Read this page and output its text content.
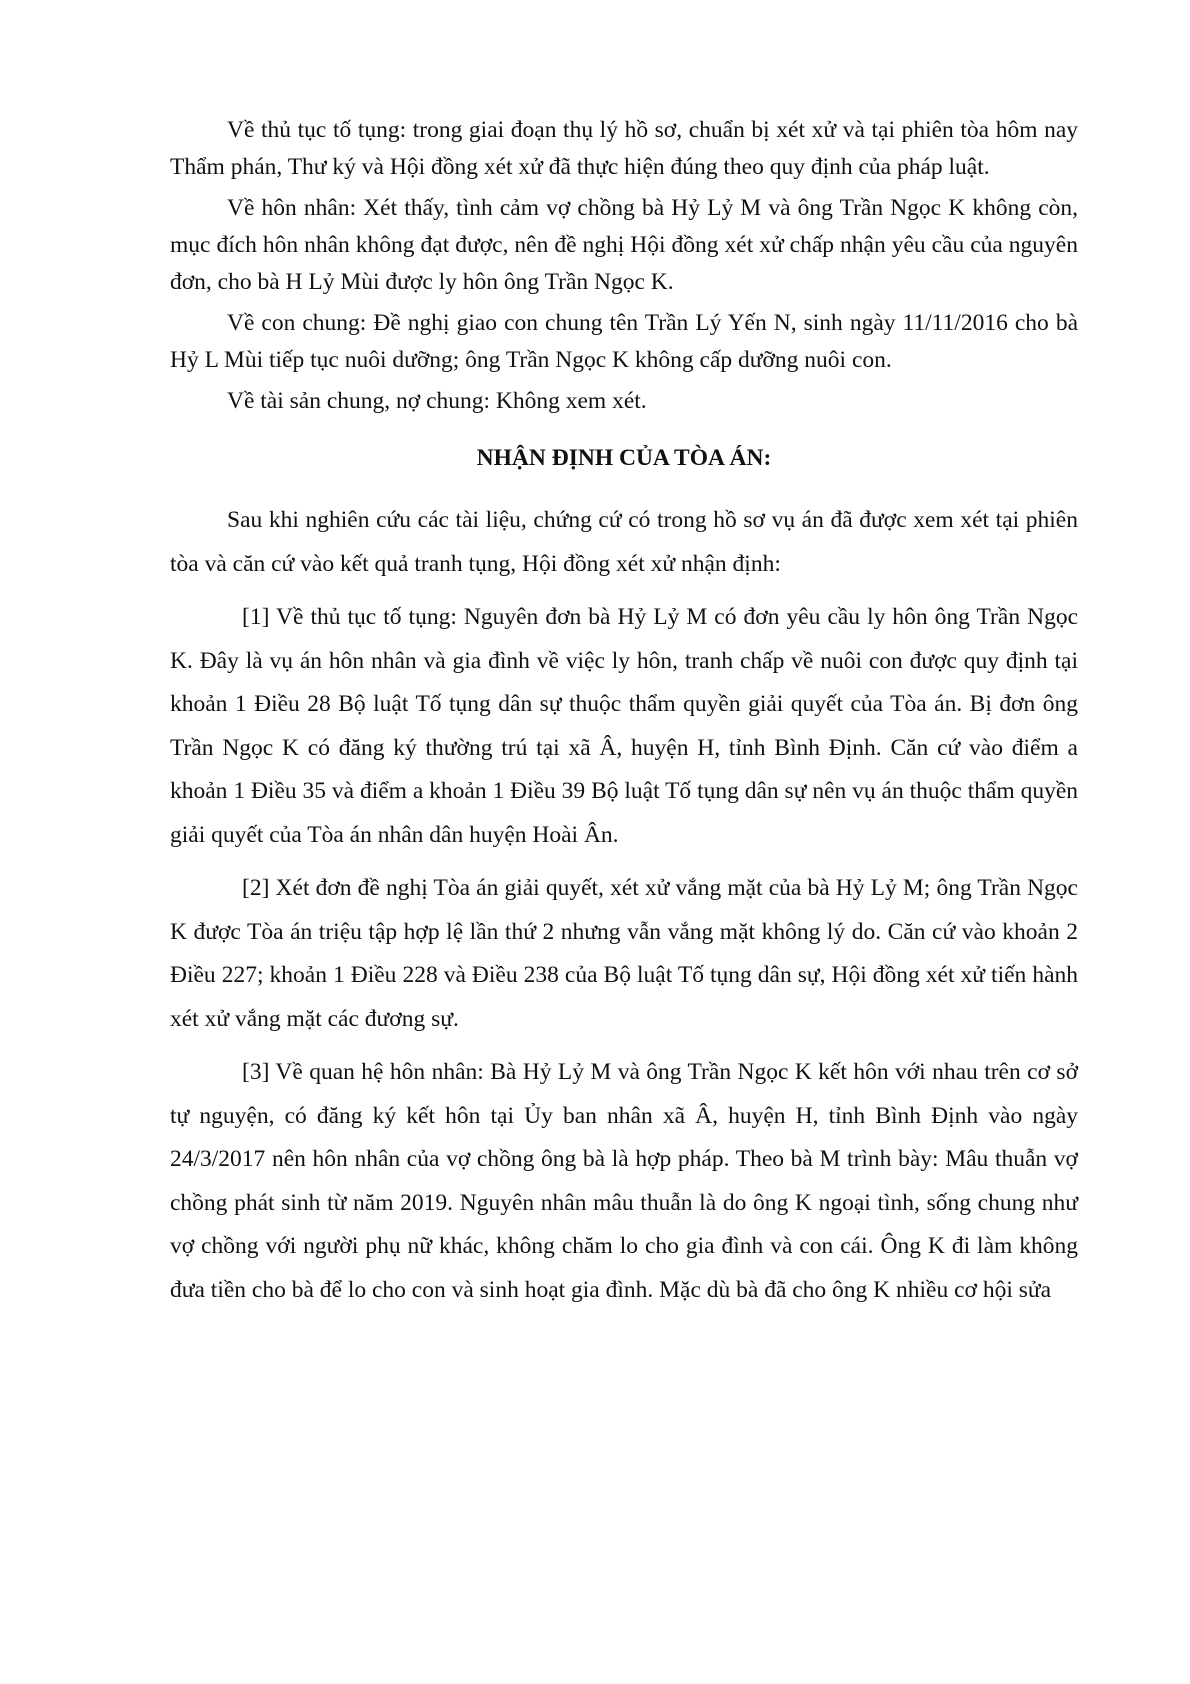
Về thủ tục tố tụng: trong giai đoạn thụ lý hồ sơ, chuẩn bị xét xử và tại phiên tòa hôm nay Thẩm phán, Thư ký và Hội đồng xét xử đã thực hiện đúng theo quy định của pháp luật.

Về hôn nhân: Xét thấy, tình cảm vợ chồng bà Hỷ Lỷ M và ông Trần Ngọc K không còn, mục đích hôn nhân không đạt được, nên đề nghị Hội đồng xét xử chấp nhận yêu cầu của nguyên đơn, cho bà H Lỷ Mùi được ly hôn ông Trần Ngọc K.

Về con chung: Đề nghị giao con chung tên Trần Lý Yến N, sinh ngày 11/11/2016 cho bà Hỷ L Mùi tiếp tục nuôi dưỡng; ông Trần Ngọc K không cấp dưỡng nuôi con.

Về tài sản chung, nợ chung: Không xem xét.

NHẬN ĐỊNH CỦA TÒA ÁN:

Sau khi nghiên cứu các tài liệu, chứng cứ có trong hồ sơ vụ án đã được xem xét tại phiên tòa và căn cứ vào kết quả tranh tụng, Hội đồng xét xử nhận định:

[1] Về thủ tục tố tụng: Nguyên đơn bà Hỷ Lỷ M có đơn yêu cầu ly hôn ông Trần Ngọc K. Đây là vụ án hôn nhân và gia đình về việc ly hôn, tranh chấp về nuôi con được quy định tại khoản 1 Điều 28 Bộ luật Tố tụng dân sự thuộc thẩm quyền giải quyết của Tòa án. Bị đơn ông Trần Ngọc K có đăng ký thường trú tại xã Â, huyện H, tỉnh Bình Định. Căn cứ vào điểm a khoản 1 Điều 35 và điểm a khoản 1 Điều 39 Bộ luật Tố tụng dân sự nên vụ án thuộc thẩm quyền giải quyết của Tòa án nhân dân huyện Hoài Ân.

[2] Xét đơn đề nghị Tòa án giải quyết, xét xử vắng mặt của bà Hỷ Lỷ M; ông Trần Ngọc K được Tòa án triệu tập hợp lệ lần thứ 2 nhưng vẫn vắng mặt không lý do. Căn cứ vào khoản 2 Điều 227; khoản 1 Điều 228 và Điều 238 của Bộ luật Tố tụng dân sự, Hội đồng xét xử tiến hành xét xử vắng mặt các đương sự.

[3] Về quan hệ hôn nhân: Bà Hỷ Lỷ M và ông Trần Ngọc K kết hôn với nhau trên cơ sở tự nguyện, có đăng ký kết hôn tại Ủy ban nhân xã Â, huyện H, tỉnh Bình Định vào ngày 24/3/2017 nên hôn nhân của vợ chồng ông bà là hợp pháp. Theo bà M trình bày: Mâu thuẫn vợ chồng phát sinh từ năm 2019. Nguyên nhân mâu thuẫn là do ông K ngoại tình, sống chung như vợ chồng với người phụ nữ khác, không chăm lo cho gia đình và con cái. Ông K đi làm không đưa tiền cho bà để lo cho con và sinh hoạt gia đình. Mặc dù bà đã cho ông K nhiều cơ hội sửa
